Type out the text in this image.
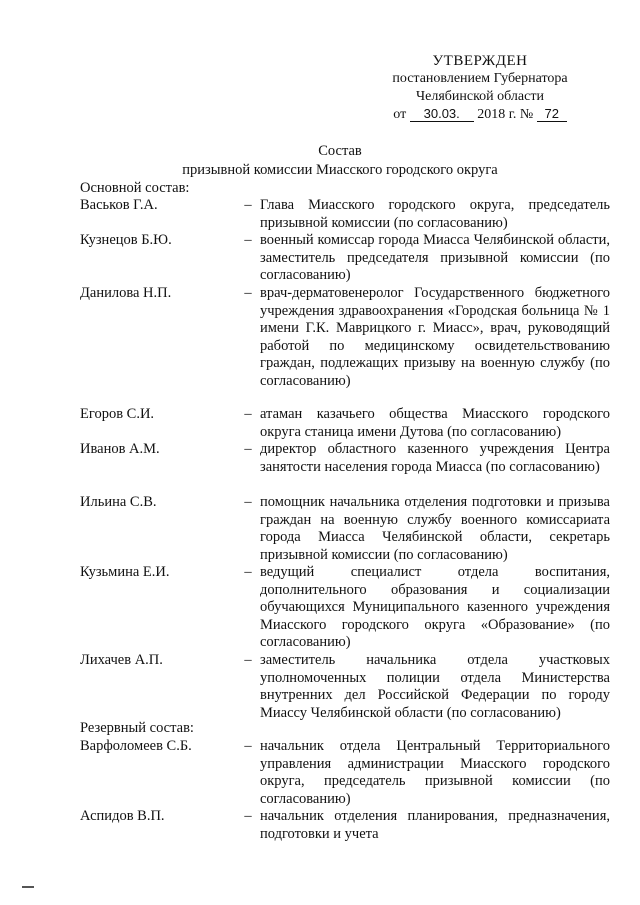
УТВЕРЖДЕН
постановлением Губернатора
Челябинской области
от 30.03. 2018 г. № 72
Состав
призывной комиссии Миасского городского округа
Основной состав:
Васьков Г.А.	– Глава Миасского городского округа, председатель призывной комиссии (по согласованию)
Кузнецов Б.Ю.	– военный комиссар города Миасса Челябинской области, заместитель председателя призывной комиссии (по согласованию)
Данилова Н.П.	– врач-дерматовенеролог Государственного бюджетного учреждения здравоохранения «Городская больница № 1 имени Г.К. Маврицкого г. Миасс», врач, руководящий работой по медицинскому освидетельствованию граждан, подлежащих призыву на военную службу (по согласованию)
Егоров С.И.	– атаман казачьего общества Миасского городского округа станица имени Дутова (по согласованию)
Иванов А.М.	– директор областного казенного учреждения Центра занятости населения города Миасса (по согласованию)
Ильина С.В.	– помощник начальника отделения подготовки и призыва граждан на военную службу военного комиссариата города Миасса Челябинской области, секретарь призывной комиссии (по согласованию)
Кузьмина Е.И.	– ведущий специалист отдела воспитания, дополнительного образования и социализации обучающихся Муниципального казенного учреждения Миасского городского округа «Образование» (по согласованию)
Лихачев А.П.	– заместитель начальника отдела участковых уполномоченных полиции отдела Министерства внутренних дел Российской Федерации по городу Миассу Челябинской области (по согласованию)
Резервный состав:
Варфоломеев С.Б.	– начальник отдела Центральный Территориального управления администрации Миасского городского округа, председатель призывной комиссии (по согласованию)
Аспидов В.П.	– начальник отделения планирования, предназначения, подготовки и учета
